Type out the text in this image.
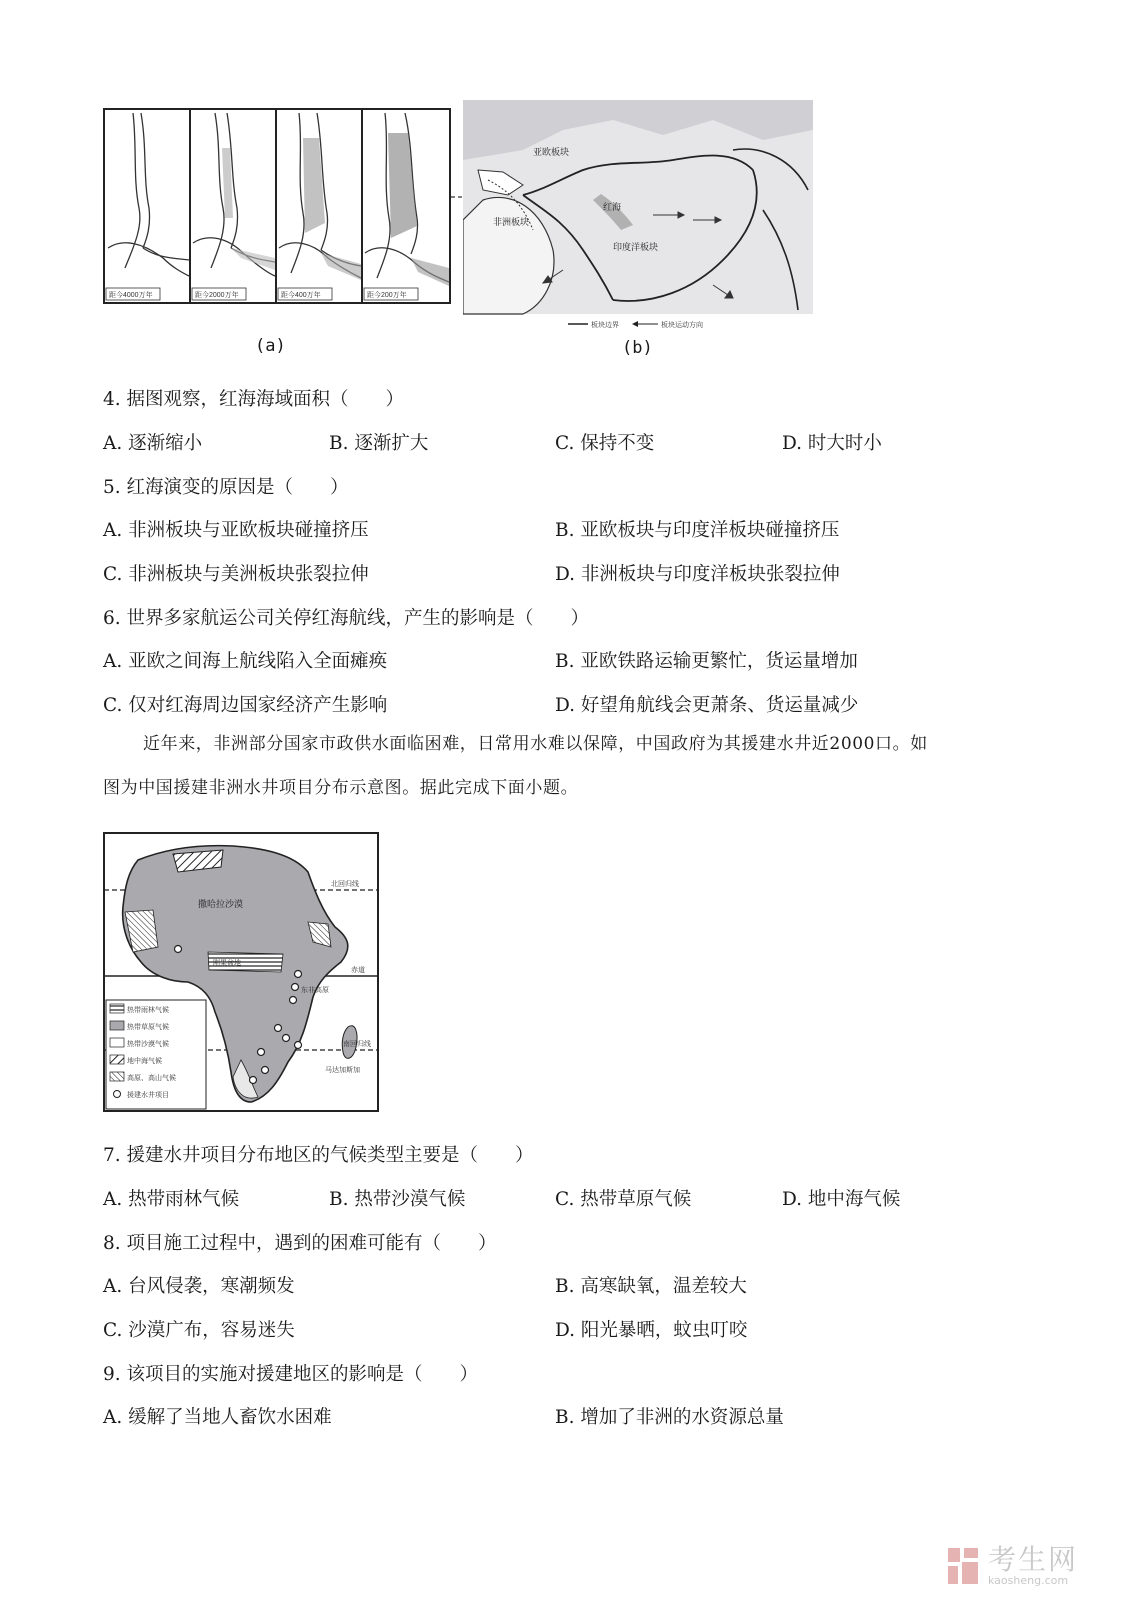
距今4000万年	距今2000万年	距今400万年	距今200万年
亚欧板块
非洲板块
红海
印度洋板块
板块边界	板块运动方向
(a)	(b)
4. 据图观察，红海海域面积（　　）
A. 逐渐缩小	B. 逐渐扩大	C. 保持不变	D. 时大时小
5. 红海演变的原因是（　　）
A. 非洲板块与亚欧板块碰撞挤压	B. 亚欧板块与印度洋板块碰撞挤压
C. 非洲板块与美洲板块张裂拉伸	D. 非洲板块与印度洋板块张裂拉伸
6. 世界多家航运公司关停红海航线，产生的影响是（　　）
A. 亚欧之间海上航线陷入全面瘫痪	B. 亚欧铁路运输更繁忙，货运量增加
C. 仅对红海周边国家经济产生影响	D. 好望角航线会更萧条、货运量减少
近年来，非洲部分国家市政供水面临困难，日常用水难以保障，中国政府为其援建水井近2000口。如
图为中国援建非洲水井项目分布示意图。据此完成下面小题。
撒哈拉沙漠
北回归线
赤道
南回归线
刚果盆地
东非高原
马达加斯加
热带雨林气候
热带草原气候
热带沙漠气候
地中海气候
高原、高山气候
援建水井项目
7. 援建水井项目分布地区的气候类型主要是（　　）
A. 热带雨林气候	B. 热带沙漠气候	C. 热带草原气候	D. 地中海气候
8. 项目施工过程中，遇到的困难可能有（　　）
A. 台风侵袭，寒潮频发	B. 高寒缺氧，温差较大
C. 沙漠广布，容易迷失	D. 阳光暴晒，蚊虫叮咬
9. 该项目的实施对援建地区的影响是（　　）
A. 缓解了当地人畜饮水困难	B. 增加了非洲的水资源总量
考生网
kaosheng.com
